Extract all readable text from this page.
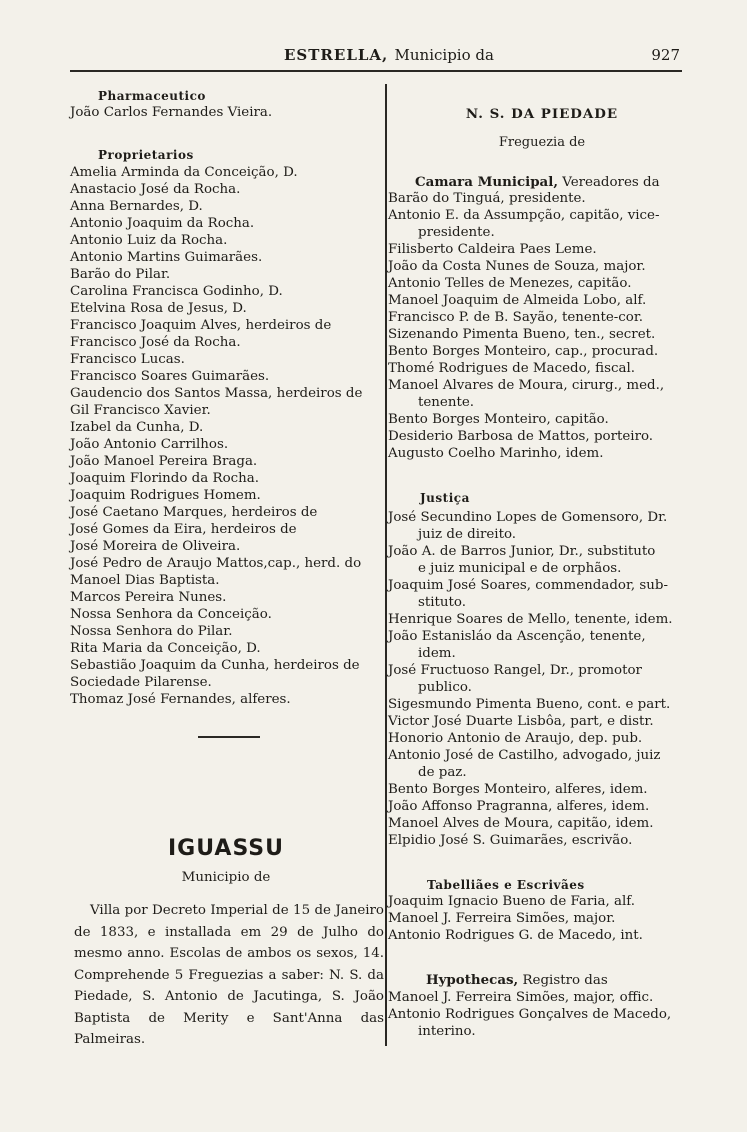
ESTRELLA, Municipio da	927
Pharmaceutico
Proprietarios
IGUASSU
Municipio de
Villa por Decreto Imperial de 15 de Janeiro de 1833, e installada em 29 de Julho do mesmo anno. Escolas de ambos os sexos, 14. Comprehende 5 Freguezias a saber: N. S. da Piedade, S. Antonio de Jacutinga, S. João Baptista de Merity e Sant'Anna das Palmeiras.
João Carlos Fernandes Vieira.
Amelia Arminda da Conceição, D.
Anastacio José da Rocha.
Anna Bernardes, D.
Antonio Joaquim da Rocha.
Antonio Luiz da Rocha.
Antonio Martins Guimarães.
Barão do Pilar.
Carolina Francisca Godinho, D.
Etelvina Rosa de Jesus, D.
Francisco Joaquim Alves, herdeiros de
Francisco José da Rocha.
Francisco Lucas.
Francisco Soares Guimarães.
Gaudencio dos Santos Massa, herdeiros de
Gil Francisco Xavier.
Izabel da Cunha, D.
João Antonio Carrilhos.
João Manoel Pereira Braga.
Joaquim Florindo da Rocha.
Joaquim Rodrigues Homem.
José Caetano Marques, herdeiros de
José Gomes da Eira, herdeiros de
José Moreira de Oliveira.
José Pedro de Araujo Mattos,cap., herd. do
Manoel Dias Baptista.
Marcos Pereira Nunes.
Nossa Senhora da Conceição.
Nossa Senhora do Pilar.
Rita Maria da Conceição, D.
Sebastião Joaquim da Cunha, herdeiros de
Sociedade Pilarense.
Thomaz José Fernandes, alferes.
N. S. DA PIEDADE
Freguezia de
Camara Municipal, Vereadores da
Justiça
Tabelliães e Escrivães
Hypothecas, Registro das
Barão do Tinguá, presidente.
Antonio E. da Assumpção, capitão, vice-
presidente.
Filisberto Caldeira Paes Leme.
João da Costa Nunes de Souza, major.
Antonio Telles de Menezes, capitão.
Manoel Joaquim de Almeida Lobo, alf.
Francisco P. de B. Sayão, tenente-cor.
Sizenando Pimenta Bueno, ten., secret.
Bento Borges Monteiro, cap., procurad.
Thomé Rodrigues de Macedo, fiscal.
Manoel Alvares de Moura, cirurg., med.,
tenente.
Bento Borges Monteiro, capitão.
Desiderio Barbosa de Mattos, porteiro.
Augusto Coelho Marinho, idem.
José Secundino Lopes de Gomensoro, Dr.
juiz de direito.
João A. de Barros Junior, Dr., substituto
e juiz municipal e de orphãos.
Joaquim José Soares, commendador, sub-
stituto.
Henrique Soares de Mello, tenente, idem.
João Estanisláo da Ascenção, tenente,
idem.
José Fructuoso Rangel, Dr., promotor
publico.
Sigesmundo Pimenta Bueno, cont. e part.
Victor José Duarte Lisbôa, part, e distr.
Honorio Antonio de Araujo, dep. pub.
Antonio José de Castilho, advogado, juiz
de paz.
Bento Borges Monteiro, alferes, idem.
João Affonso Pragranna, alferes, idem.
Manoel Alves de Moura, capitão, idem.
Elpidio José S. Guimarães, escrivão.
Joaquim Ignacio Bueno de Faria, alf.
Manoel J. Ferreira Simões, major.
Antonio Rodrigues G. de Macedo, int.
Manoel J. Ferreira Simões, major, offic.
Antonio Rodrigues Gonçalves de Macedo,
interino.
